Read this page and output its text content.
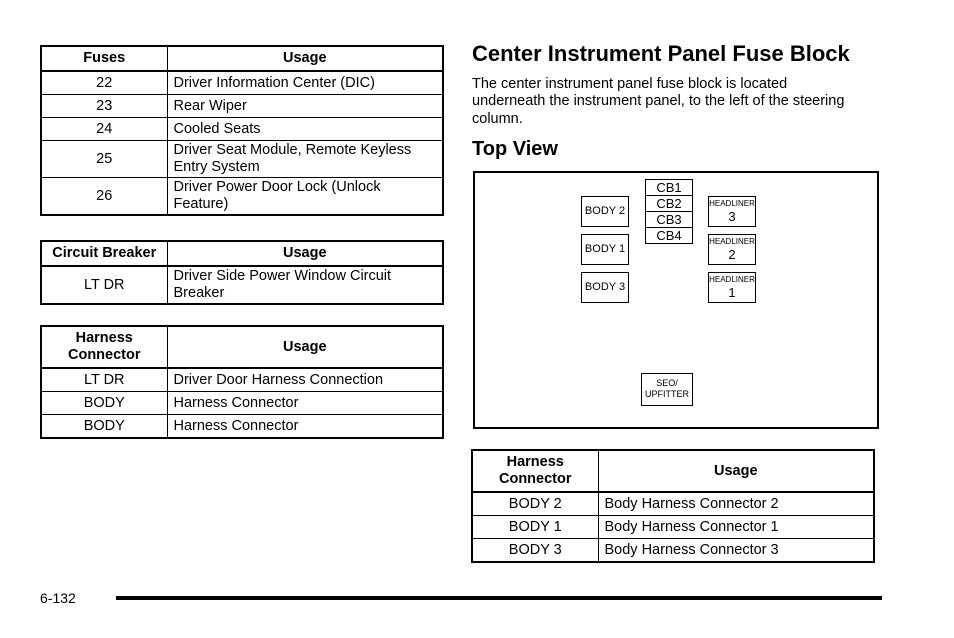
Fuses	Usage
22	Driver Information Center (DIC)
23	Rear Wiper
24	Cooled Seats
25	Driver Seat Module, Remote Keyless Entry System
26	Driver Power Door Lock (Unlock Feature)
Circuit Breaker	Usage
LT DR	Driver Side Power Window Circuit Breaker
Harness Connector	Usage
LT DR	Driver Door Harness Connection
BODY	Harness Connector
BODY	Harness Connector
Center Instrument Panel Fuse Block

The center instrument panel fuse block is located underneath the instrument panel, to the left of the steering column.

Top View
BODY 2
BODY 1
BODY 3
CB1
CB2
CB3
CB4
HEADLINER
3
HEADLINER
2
HEADLINER
1
SEO/
UPFITTER
Harness Connector	Usage
BODY 2	Body Harness Connector 2
BODY 1	Body Harness Connector 1
BODY 3	Body Harness Connector 3
6-132
